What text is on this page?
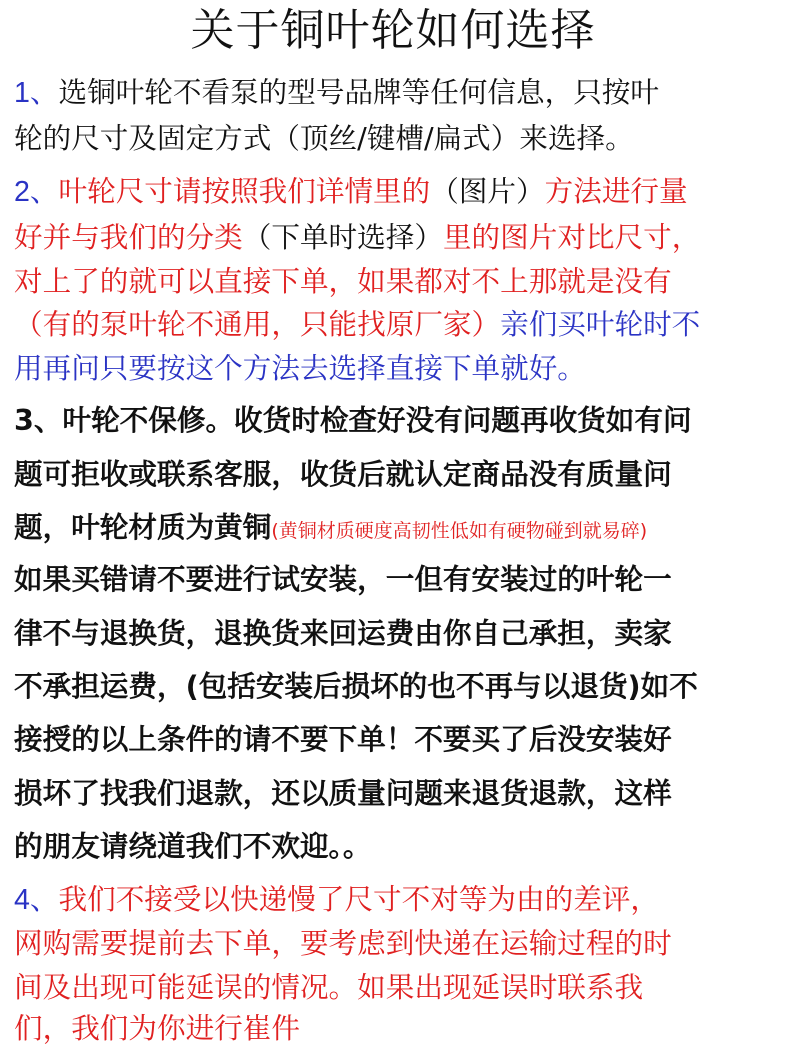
关于铜叶轮如何选择
1、选铜叶轮不看泵的型号品牌等任何信息，只按叶
轮的尺寸及固定方式（顶丝/键槽/扁式）来选择。
2、叶轮尺寸请按照我们详情里的（图片）方法进行量
好并与我们的分类（下单时选择）里的图片对比尺寸，
对上了的就可以直接下单，如果都对不上那就是没有
（有的泵叶轮不通用，只能找原厂家）亲们买叶轮时不
用再问只要按这个方法去选择直接下单就好。
3、叶轮不保修。收货时检查好没有问题再收货如有问
题可拒收或联系客服，收货后就认定商品没有质量问
题，叶轮材质为黄铜(黄铜材质硬度高韧性低如有硬物碰到就易碎)
如果买错请不要进行试安装，一但有安装过的叶轮一
律不与退换货，退换货来回运费由你自己承担，卖家
不承担运费，(包括安装后损坏的也不再与以退货)如不
接授的以上条件的请不要下单！不要买了后没安装好
损坏了找我们退款，还以质量问题来退货退款，这样
的朋友请绕道我们不欢迎。。
4、我们不接受以快递慢了尺寸不对等为由的差评，
网购需要提前去下单，要考虑到快递在运输过程的时
间及出现可能延误的情况。如果出现延误时联系我
们，我们为你进行崔件
